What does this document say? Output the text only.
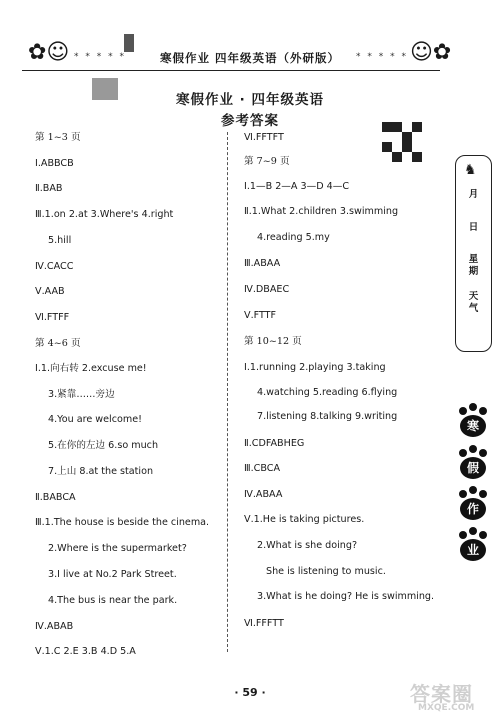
✿☺ * * * * *	寒假作业 四年级英语（外研版）	* * * * * ☺✿
寒假作业 · 四年级英语
参考答案
第 1~3 页
Ⅰ.ABBCB
Ⅱ.BAB
Ⅲ.1.on 2.at 3.Where's 4.right
5.hill
Ⅳ.CACC
Ⅴ.AAB
Ⅵ.FTFF
第 4~6 页
Ⅰ.1.向右转 2.excuse me!
3.紧靠……旁边
4.You are welcome!
5.在你的左边 6.so much
7.上山 8.at the station
Ⅱ.BABCA
Ⅲ.1.The house is beside the cinema.
2.Where is the supermarket?
3.I live at No.2 Park Street.
4.The bus is near the park.
Ⅳ.ABAB
Ⅴ.1.C 2.E 3.B 4.D 5.A
Ⅵ.FFTFT
第 7~9 页
Ⅰ.1—B 2—A 3—D 4—C
Ⅱ.1.What 2.children 3.swimming
4.reading 5.my
Ⅲ.ABAA
Ⅳ.DBAEC
Ⅴ.FTTF
第 10~12 页
Ⅰ.1.running 2.playing 3.taking
4.watching 5.reading 6.flying
7.listening 8.talking 9.writing
Ⅱ.CDFABHEG
Ⅲ.CBCA
Ⅳ.ABAA
Ⅴ.1.He is taking pictures.
2.What is she doing?
She is listening to music.
3.What is he doing? He is swimming.
Ⅵ.FFFTT
♞
月
日
星
期
天
气
寒
假
作
业
· 59 ·	答案圈
MXQE.COM
